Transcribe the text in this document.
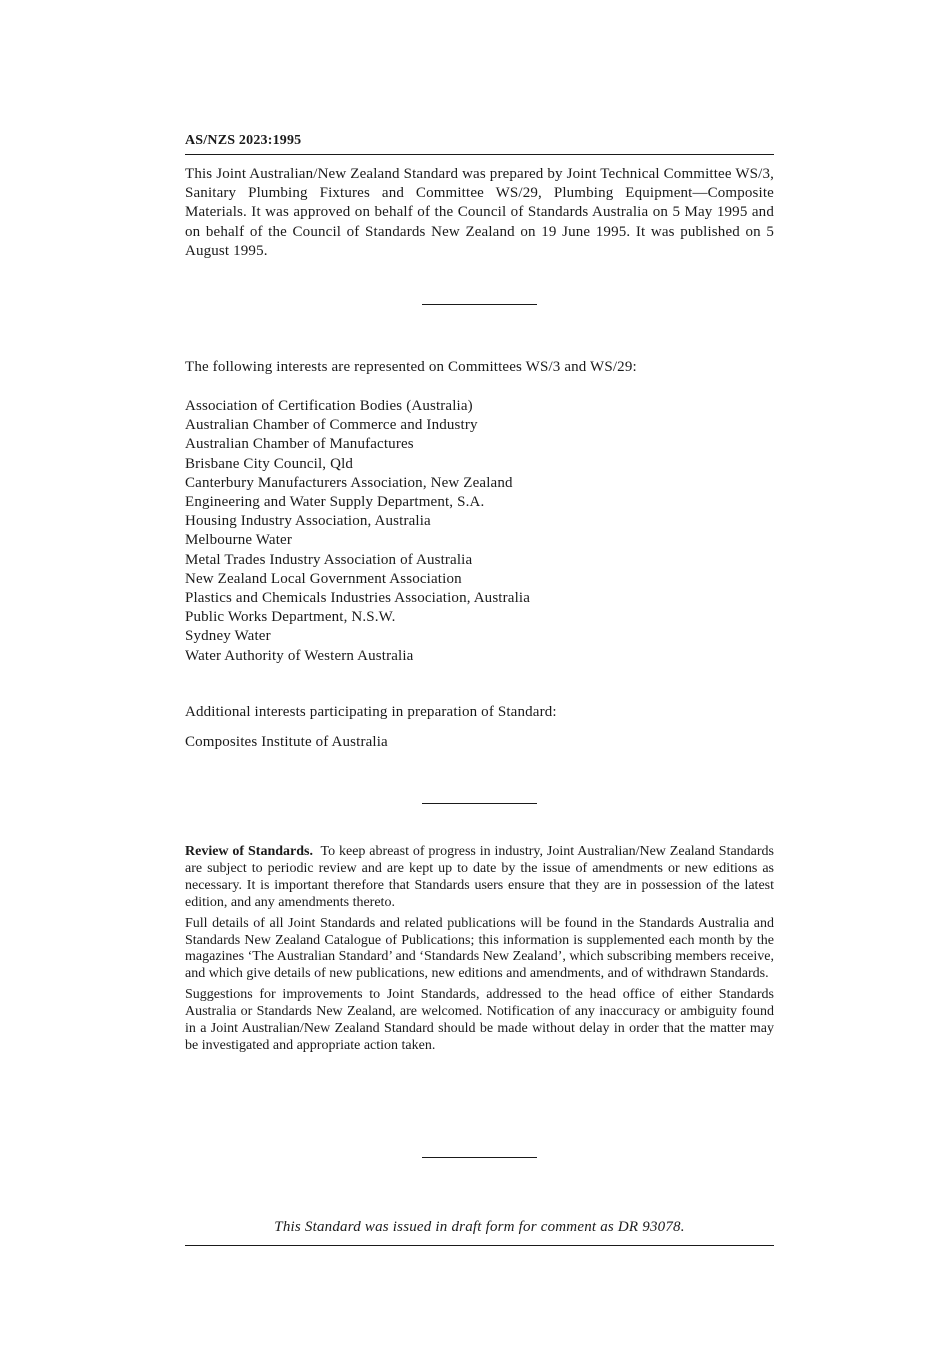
AS/NZS 2023:1995

This Joint Australian/New Zealand Standard was prepared by Joint Technical Committee WS/3, Sanitary Plumbing Fixtures and Committee WS/29, Plumbing Equipment—Composite Materials. It was approved on behalf of the Council of Standards Australia on 5 May 1995 and on behalf of the Council of Standards New Zealand on 19 June 1995. It was published on 5 August 1995.

The following interests are represented on Committees WS/3 and WS/29:

Association of Certification Bodies (Australia)
Australian Chamber of Commerce and Industry
Australian Chamber of Manufactures
Brisbane City Council, Qld
Canterbury Manufacturers Association, New Zealand
Engineering and Water Supply Department, S.A.
Housing Industry Association, Australia
Melbourne Water
Metal Trades Industry Association of Australia
New Zealand Local Government Association
Plastics and Chemicals Industries Association, Australia
Public Works Department, N.S.W.
Sydney Water
Water Authority of Western Australia

Additional interests participating in preparation of Standard:

Composites Institute of Australia

Review of Standards. To keep abreast of progress in industry, Joint Australian/New Zealand Standards are subject to periodic review and are kept up to date by the issue of amendments or new editions as necessary. It is important therefore that Standards users ensure that they are in possession of the latest edition, and any amendments thereto.

Full details of all Joint Standards and related publications will be found in the Standards Australia and Standards New Zealand Catalogue of Publications; this information is supplemented each month by the magazines ‘The Australian Standard’ and ‘Standards New Zealand’, which subscribing members receive, and which give details of new publications, new editions and amendments, and of withdrawn Standards.

Suggestions for improvements to Joint Standards, addressed to the head office of either Standards Australia or Standards New Zealand, are welcomed. Notification of any inaccuracy or ambiguity found in a Joint Australian/New Zealand Standard should be made without delay in order that the matter may be investigated and appropriate action taken.

This Standard was issued in draft form for comment as DR 93078.
